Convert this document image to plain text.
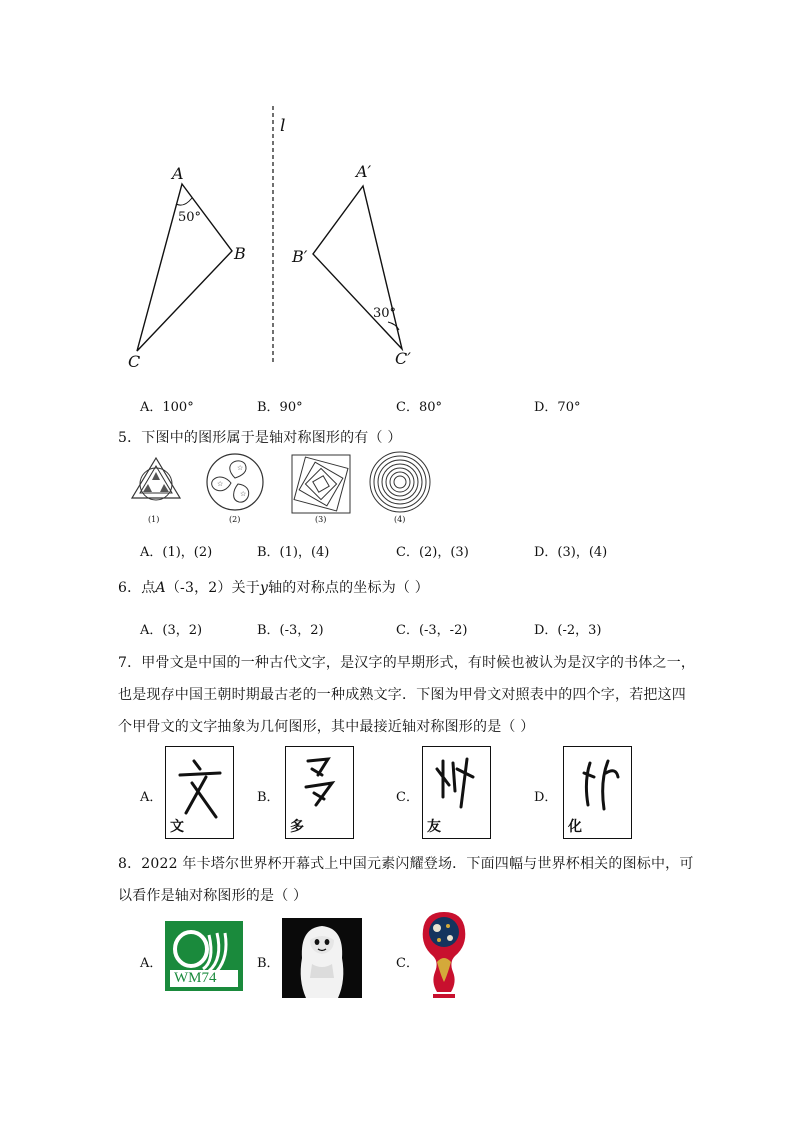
l
A
50°
B
C
A′
B′
30°
C′
A．100°	B．90°	C．80°	D．70°
5．下图中的图形属于是轴对称图形的有（ ）
☆
☆
☆
(1)	(2)	(3)	(4)
A．(1)，(2)	B．(1)，(4)	C．(2)，(3)	D．(3)，(4)
6．点A（-3，2）关于y轴的对称点的坐标为（ ）
A．(3，2)	B．(-3，2)	C．(-3，-2)	D．(-2，3)
7．甲骨文是中国的一种古代文字，是汉字的早期形式，有时候也被认为是汉字的书体之一，
也是现存中国王朝时期最古老的一种成熟文字．下图为甲骨文对照表中的四个字，若把这四
个甲骨文的文字抽象为几何图形，其中最接近轴对称图形的是（ ）
A．
文
B．
多
C．
友
D．
化
8．2022 年卡塔尔世界杯开幕式上中国元素闪耀登场．下面四幅与世界杯相关的图标中，可
以看作是轴对称图形的是（ ）
A．
WM74
B．	C．
